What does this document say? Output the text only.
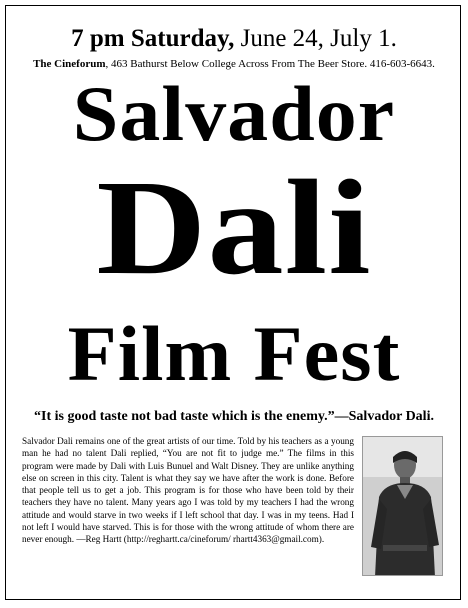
7 pm Saturday, June 24, July 1.
The Cineforum, 463 Bathurst Below College Across From The Beer Store. 416-603-6643.
Salvador
Dali
Film Fest
“It is good taste not bad taste which is the enemy.”—Salvador Dali.
Salvador Dali remains one of the great artists of our time. Told by his teachers as a young man he had no talent Dali replied, “You are not fit to judge me.” The films in this program were made by Dali with Luis Bunuel and Walt Disney. They are unlike anything else on screen in this city. Talent is what they say we have after the work is done. Before that people tell us to get a job. This program is for those who have been told by their teachers they have no talent. Many years ago I was told by my teachers I had the wrong attitude and would starve in two weeks if I left school that day. I was in my teens. Had I not left I would have starved. This is for those with the wrong attitude of whom there are never enough. —Reg Hartt (http://reghartt.ca/cineforum/ rhartt4363@gmail.com).
